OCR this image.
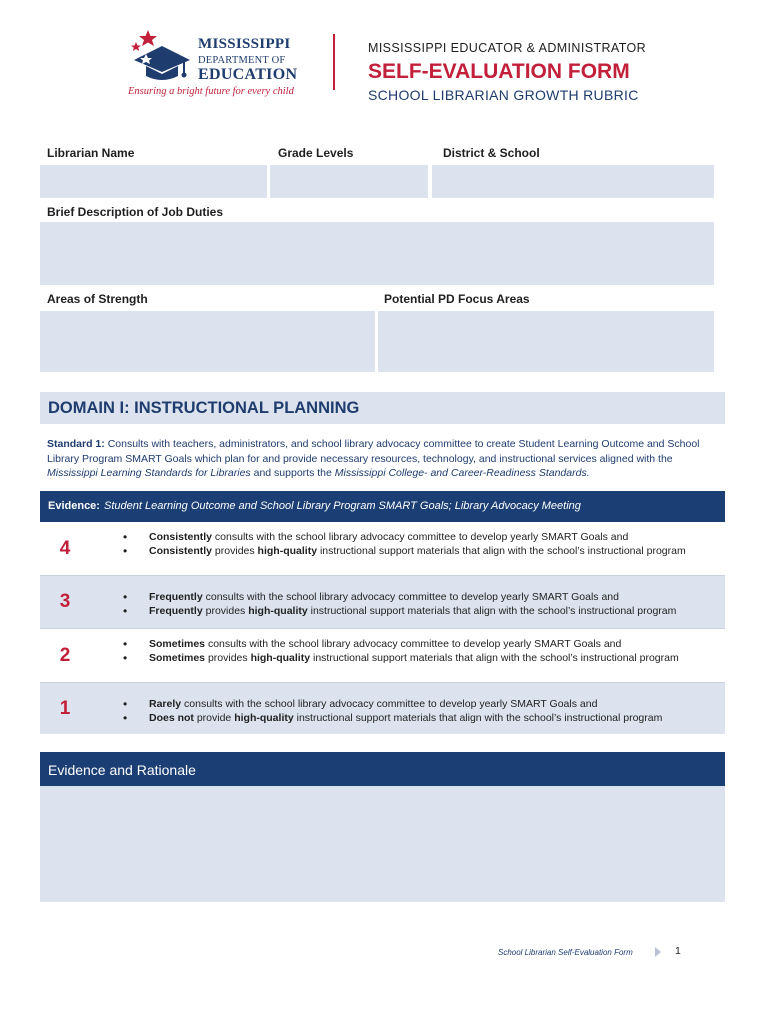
MISSISSIPPI
DEPARTMENT OF
EDUCATION
Ensuring a bright future for every child
MISSISSIPPI EDUCATOR & ADMINISTRATOR
SELF-EVALUATION FORM
SCHOOL LIBRARIAN GROWTH RUBRIC
Librarian Name	Grade Levels	District & School
Brief Description of Job Duties
Areas of Strength	Potential PD Focus Areas
DOMAIN I: INSTRUCTIONAL PLANNING
Standard 1: Consults with teachers, administrators, and school library advocacy committee to create Student Learning Outcome and School Library Program SMART Goals which plan for and provide necessary resources, technology, and instructional services aligned with the Mississippi Learning Standards for Libraries and supports the Mississippi College- and Career-Readiness Standards.
Evidence: Student Learning Outcome and School Library Program SMART Goals; Library Advocacy Meeting
4
• Consistently consults with the school library advocacy committee to develop yearly SMART Goals and
• Consistently provides high-quality instructional support materials that align with the school’s instructional program
3	• Frequently consults with the school library advocacy committee to develop yearly SMART Goals and
• Frequently provides high-quality instructional support materials that align with the school’s instructional program
2
• Sometimes consults with the school library advocacy committee to develop yearly SMART Goals and
• Sometimes provides high-quality instructional support materials that align with the school’s instructional program
1	• Rarely consults with the school library advocacy committee to develop yearly SMART Goals and
• Does not provide high-quality instructional support materials that align with the school’s instructional program
Evidence and Rationale
School Librarian Self-Evaluation Form	1
